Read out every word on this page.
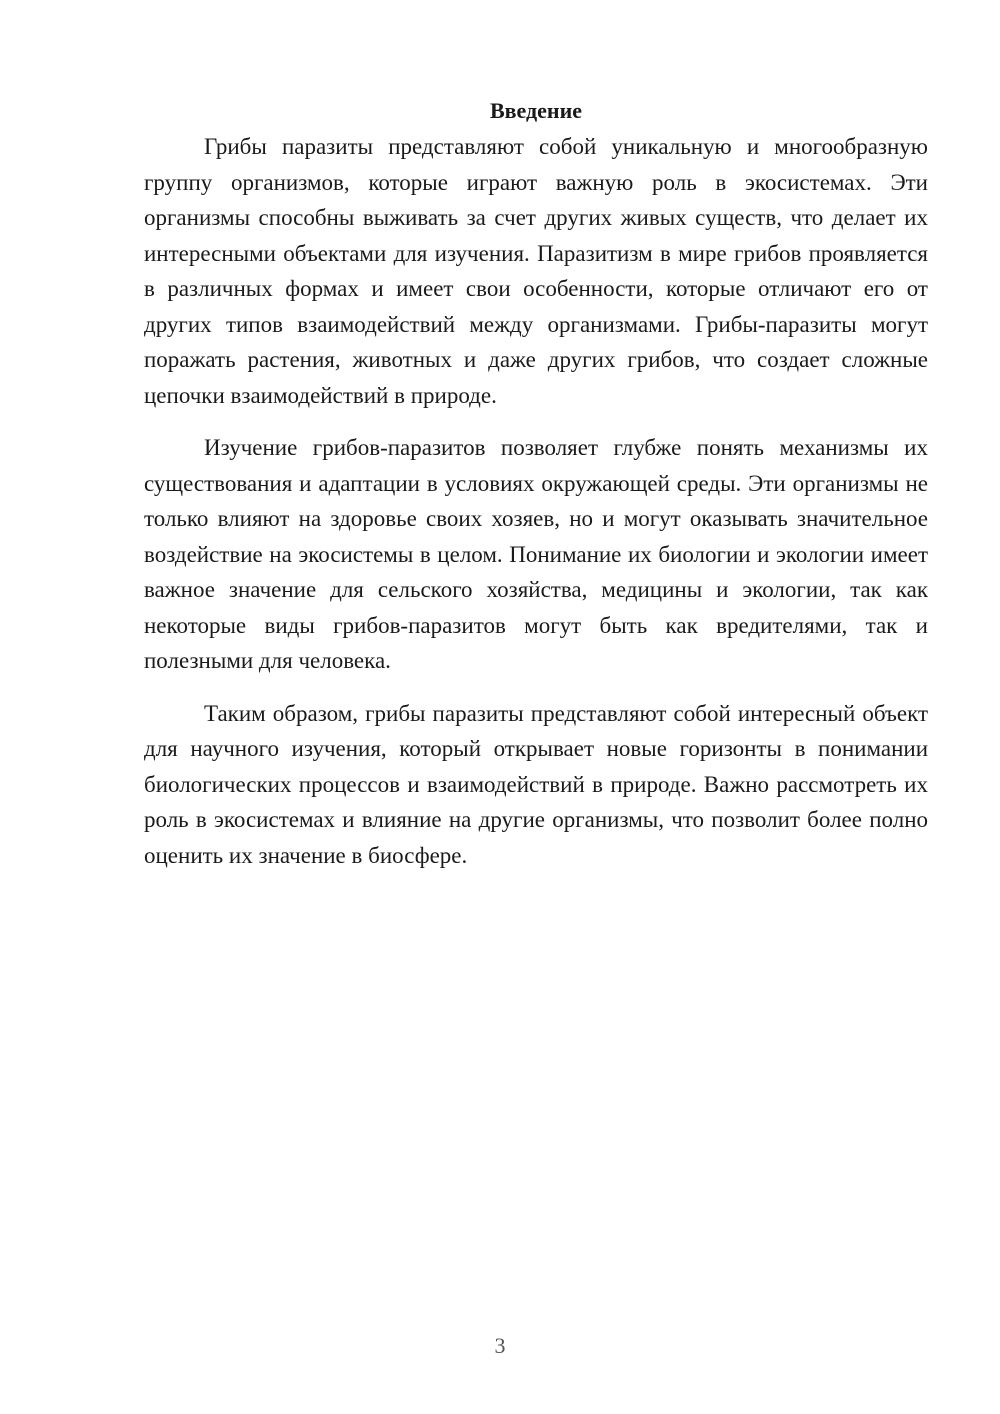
Введение

Грибы паразиты представляют собой уникальную и многообразную группу организмов, которые играют важную роль в экосистемах. Эти организмы способны выживать за счет других живых существ, что делает их интересными объектами для изучения. Паразитизм в мире грибов проявляется в различных формах и имеет свои особенности, которые отличают его от других типов взаимодействий между организмами. Грибы-паразиты могут поражать растения, животных и даже других грибов, что создает сложные цепочки взаимодействий в природе.

Изучение грибов-паразитов позволяет глубже понять механизмы их существования и адаптации в условиях окружающей среды. Эти организмы не только влияют на здоровье своих хозяев, но и могут оказывать значительное воздействие на экосистемы в целом. Понимание их биологии и экологии имеет важное значение для сельского хозяйства, медицины и экологии, так как некоторые виды грибов-паразитов могут быть как вредителями, так и полезными для человека.

Таким образом, грибы паразиты представляют собой интересный объект для научного изучения, который открывает новые горизонты в понимании биологических процессов и взаимодействий в природе. Важно рассмотреть их роль в экосистемах и влияние на другие организмы, что позволит более полно оценить их значение в биосфере.

3
